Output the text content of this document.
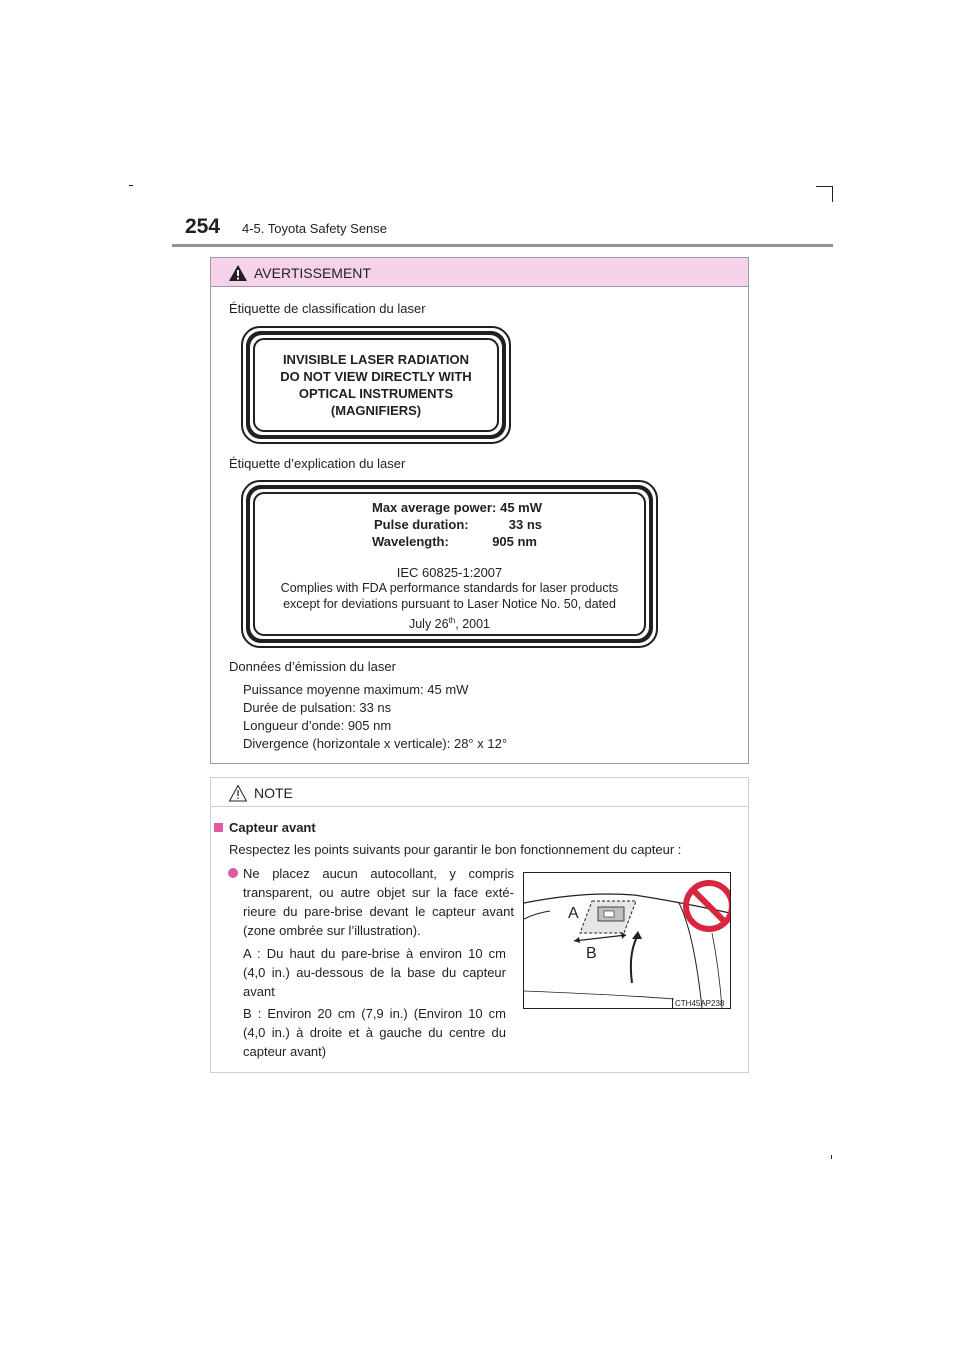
254 4-5. Toyota Safety Sense
AVERTISSEMENT
Étiquette de classification du laser
INVISIBLE LASER RADIATION
DO NOT VIEW DIRECTLY WITH
OPTICAL INSTRUMENTS
(MAGNIFIERS)
Étiquette d’explication du laser
Max average power: 45 mW
Pulse duration:	33 ns
Wavelength:	905 nm
IEC 60825-1:2007
Complies with FDA performance standards for laser products
except for deviations pursuant to Laser Notice No. 50, dated
July 26th, 2001
Données d’émission du laser
Puissance moyenne maximum: 45 mW
Durée de pulsation: 33 ns
Longueur d’onde: 905 nm
Divergence (horizontale x verticale): 28° x 12°
NOTE
Capteur avant
Respectez les points suivants pour garantir le bon fonctionnement du capteur :
Ne placez aucun autocollant, y compris transparent, ou autre objet sur la face extérieure du pare-brise devant le capteur avant (zone ombrée sur l’illustration).
A : Du haut du pare-brise à environ 10 cm (4,0 in.) au-dessous de la base du capteur avant
B : Environ 20 cm (7,9 in.) (Environ 10 cm (4,0 in.) à droite et à gauche du centre du capteur avant)
A
B
CTH45AP238
